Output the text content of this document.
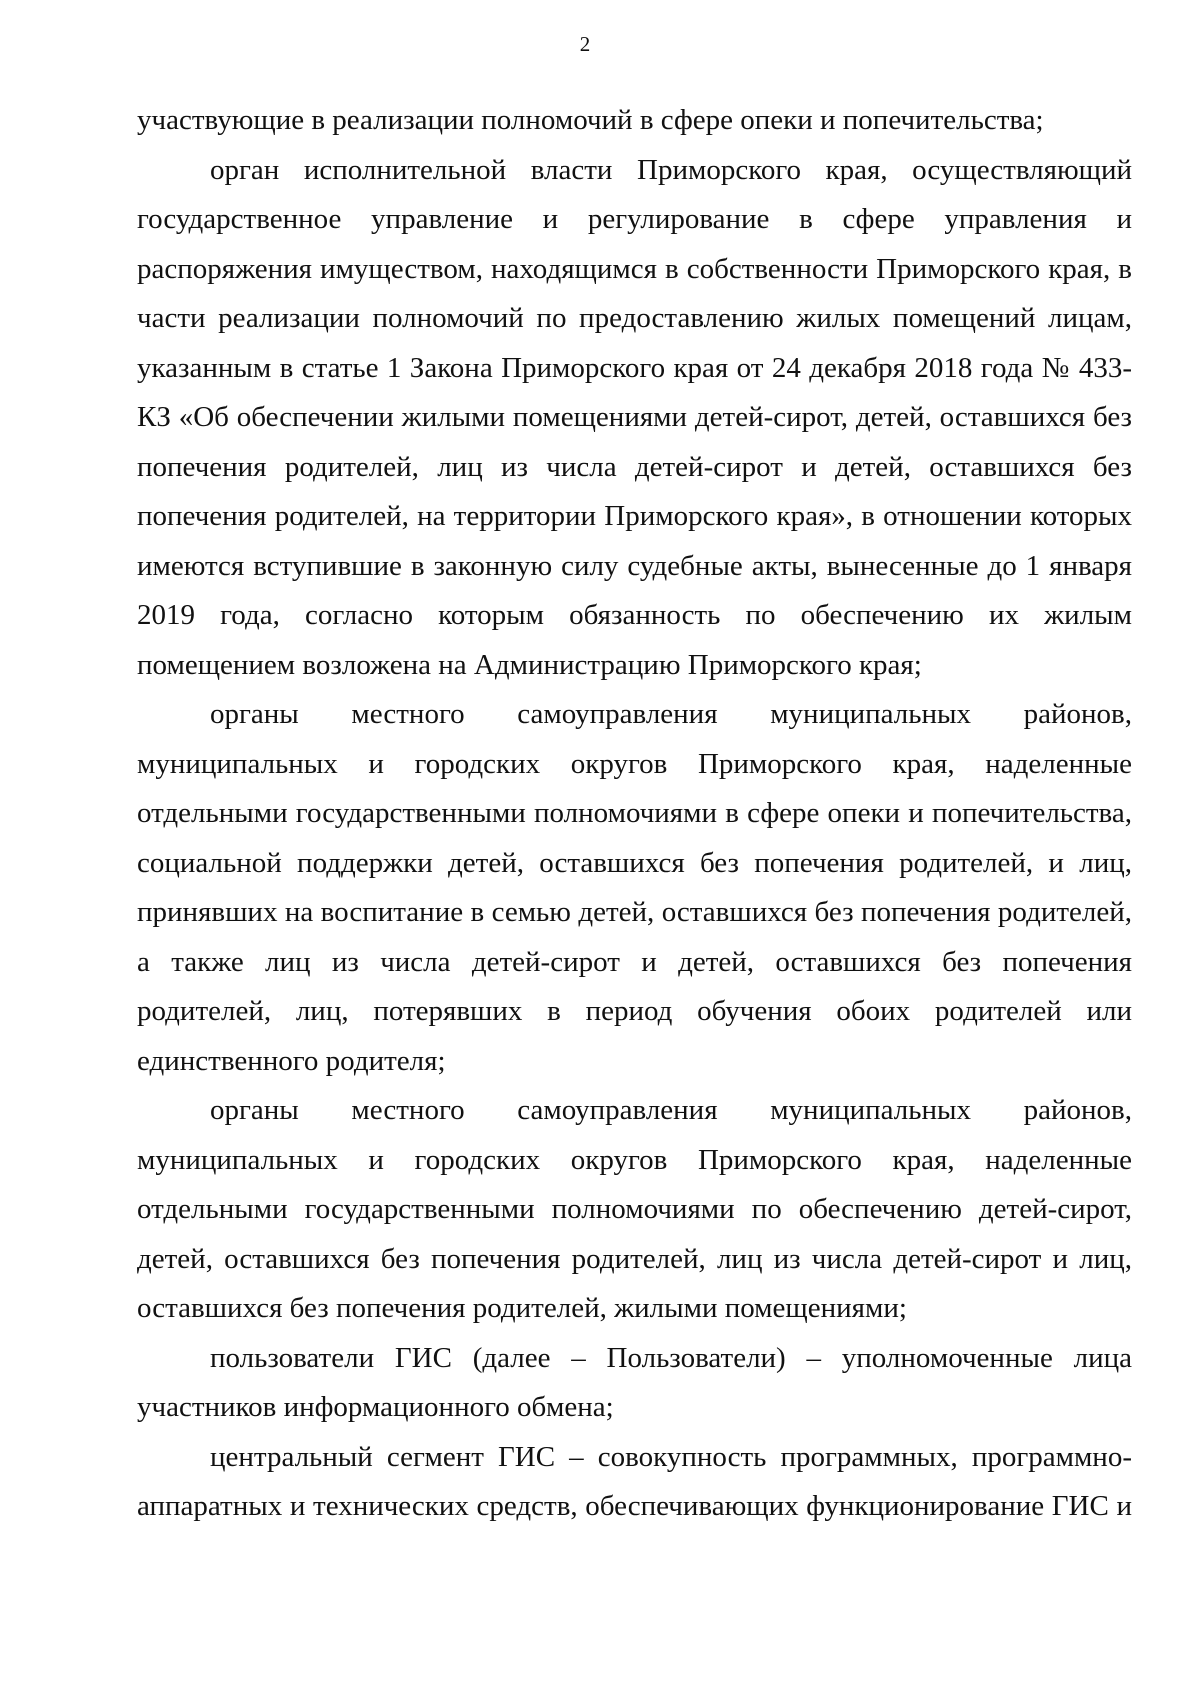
2

участвующие в реализации полномочий в сфере опеки и попечительства;

орган исполнительной власти Приморского края, осуществляющий государственное управление и регулирование в сфере управления и распоряжения имуществом, находящимся в собственности Приморского края, в части реализации полномочий по предоставлению жилых помещений лицам, указанным в статье 1 Закона Приморского края от 24 декабря 2018 года № 433-КЗ «Об обеспечении жилыми помещениями детей-сирот, детей, оставшихся без попечения родителей, лиц из числа детей-сирот и детей, оставшихся без попечения родителей, на территории Приморского края», в отношении которых имеются вступившие в законную силу судебные акты, вынесенные до 1 января 2019 года, согласно которым обязанность по обеспечению их жилым помещением возложена на Администрацию Приморского края;

органы местного самоуправления муниципальных районов, муниципальных и городских округов Приморского края, наделенные отдельными государственными полномочиями в сфере опеки и попечительства, социальной поддержки детей, оставшихся без попечения родителей, и лиц, принявших на воспитание в семью детей, оставшихся без попечения родителей, а также лиц из числа детей-сирот и детей, оставшихся без попечения родителей, лиц, потерявших в период обучения обоих родителей или единственного родителя;

органы местного самоуправления муниципальных районов, муниципальных и городских округов Приморского края, наделенные отдельными государственными полномочиями по обеспечению детей-сирот, детей, оставшихся без попечения родителей, лиц из числа детей-сирот и лиц, оставшихся без попечения родителей, жилыми помещениями;

пользователи ГИС (далее – Пользователи) – уполномоченные лица участников информационного обмена;

центральный сегмент ГИС – совокупность программных, программно-аппаратных и технических средств, обеспечивающих функционирование ГИС и
